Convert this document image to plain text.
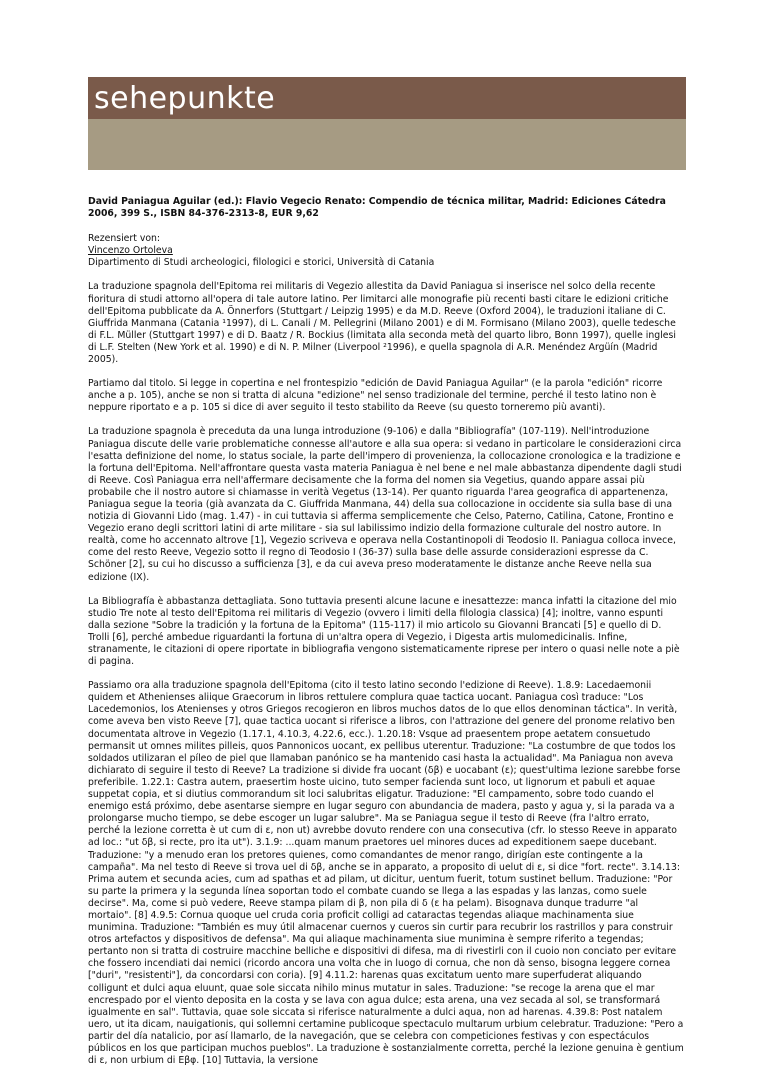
sehepunkte
David Paniagua Aguilar (ed.): Flavio Vegecio Renato: Compendio de técnica militar, Madrid: Ediciones Cátedra 2006, 399 S., ISBN 84-376-2313-8, EUR 9,62
Rezensiert von:
Vincenzo Ortoleva
Dipartimento di Studi archeologici, filologici e storici, Università di Catania

La traduzione spagnola dell'Epitoma rei militaris di Vegezio allestita da David Paniagua si inserisce nel solco della recente fioritura di studi attorno all'opera di tale autore latino. Per limitarci alle monografie più recenti basti citare le edizioni critiche dell'Epitoma pubblicate da A. Önnerfors (Stuttgart / Leipzig 1995) e da M.D. Reeve (Oxford 2004), le traduzioni italiane di C. Giuffrida Manmana (Catania ¹1997), di L. Canali / M. Pellegrini (Milano 2001) e di M. Formisano (Milano 2003), quelle tedesche di F.L. Müller (Stuttgart 1997) e di D. Baatz / R. Bockius (limitata alla seconda metà del quarto libro, Bonn 1997), quelle inglesi di L.F. Stelten (New York et al. 1990) e di N. P. Milner (Liverpool ²1996), e quella spagnola di A.R. Menéndez Argüín (Madrid 2005).

Partiamo dal titolo. Si legge in copertina e nel frontespizio "edición de David Paniagua Aguilar" (e la parola "edición" ricorre anche a p. 105), anche se non si tratta di alcuna "edizione" nel senso tradizionale del termine, perché il testo latino non è neppure riportato e a p. 105 si dice di aver seguito il testo stabilito da Reeve (su questo torneremo più avanti).

La traduzione spagnola è preceduta da una lunga introduzione (9-106) e dalla "Bibliografía" (107-119). Nell'introduzione Paniagua discute delle varie problematiche connesse all'autore e alla sua opera: si vedano in particolare le considerazioni circa l'esatta definizione del nome, lo status sociale, la parte dell'impero di provenienza, la collocazione cronologica e la tradizione e la fortuna dell'Epitoma. Nell'affrontare questa vasta materia Paniagua è nel bene e nel male abbastanza dipendente dagli studi di Reeve. Così Paniagua erra nell'affermare decisamente che la forma del nomen sia Vegetius, quando appare assai più probabile che il nostro autore si chiamasse in verità Vegetus (13-14). Per quanto riguarda l'area geografica di appartenenza, Paniagua segue la teoria (già avanzata da C. Giuffrida Manmana, 44) della sua collocazione in occidente sia sulla base di una notizia di Giovanni Lido (mag. 1.47) - in cui tuttavia si afferma semplicemente che Celso, Paterno, Catilina, Catone, Frontino e Vegezio erano degli scrittori latini di arte militare - sia sul labilissimo indizio della formazione culturale del nostro autore. In realtà, come ho accennato altrove [1], Vegezio scriveva e operava nella Costantinopoli di Teodosio II. Paniagua colloca invece, come del resto Reeve, Vegezio sotto il regno di Teodosio I (36-37) sulla base delle assurde considerazioni espresse da C. Schöner [2], su cui ho discusso a sufficienza [3], e da cui aveva preso moderatamente le distanze anche Reeve nella sua edizione (IX).

La Bibliografía è abbastanza dettagliata. Sono tuttavia presenti alcune lacune e inesattezze: manca infatti la citazione del mio studio Tre note al testo dell'Epitoma rei militaris di Vegezio (ovvero i limiti della filologia classica) [4]; inoltre, vanno espunti dalla sezione "Sobre la tradición y la fortuna de la Epitoma" (115-117) il mio articolo su Giovanni Brancati [5] e quello di D. Trolli [6], perché ambedue riguardanti la fortuna di un'altra opera di Vegezio, i Digesta artis mulomedicinalis. Infine, stranamente, le citazioni di opere riportate in bibliografia vengono sistematicamente riprese per intero o quasi nelle note a piè di pagina.

Passiamo ora alla traduzione spagnola dell'Epitoma (cito il testo latino secondo l'edizione di Reeve). 1.8.9: Lacedaemonii quidem et Athenienses aliique Graecorum in libros rettulere complura quae tactica uocant. Paniagua così traduce: "Los Lacedemonios, los Atenienses y otros Griegos recogieron en libros muchos datos de lo que ellos denominan táctica". In verità, come aveva ben visto Reeve [7], quae tactica uocant si riferisce a libros, con l'attrazione del genere del pronome relativo ben documentata altrove in Vegezio (1.17.1, 4.10.3, 4.22.6, ecc.). 1.20.18: Vsque ad praesentem prope aetatem consuetudo permansit ut omnes milites pilleis, quos Pannonicos uocant, ex pellibus uterentur. Traduzione: "La costumbre de que todos los soldados utilizaran el píleo de piel que llamaban panónico se ha mantenido casi hasta la actualidad". Ma Paniagua non aveva dichiarato di seguire il testo di Reeve? La tradizione si divide fra uocant (δβ) e uocabant (ε); quest'ultima lezione sarebbe forse preferibile. 1.22.1: Castra autem, praesertim hoste uicino, tuto semper facienda sunt loco, ut lignorum et pabuli et aquae suppetat copia, et si diutius commorandum sit loci salubritas eligatur. Traduzione: "El campamento, sobre todo cuando el enemigo está próximo, debe asentarse siempre en lugar seguro con abundancia de madera, pasto y agua y, si la parada va a prolongarse mucho tiempo, se debe escoger un lugar salubre". Ma se Paniagua segue il testo di Reeve (fra l'altro errato, perché la lezione corretta è ut cum di ε, non ut) avrebbe dovuto rendere con una consecutiva (cfr. lo stesso Reeve in apparato ad loc.: "ut δβ, si recte, pro ita ut"). 3.1.9: ...quam manum praetores uel minores duces ad expeditionem saepe ducebant. Traduzione: "y a menudo eran los pretores quienes, como comandantes de menor rango, dirigían este contingente a la campaña". Ma nel testo di Reeve si trova uel di δβ, anche se in apparato, a proposito di uelut di ε, si dice "fort. recte". 3.14.13: Prima autem et secunda acies, cum ad spathas et ad pilam, ut dicitur, uentum fuerit, totum sustinet bellum. Traduzione: "Por su parte la primera y la segunda línea soportan todo el combate cuando se llega a las espadas y las lanzas, como suele decirse". Ma, come si può vedere, Reeve stampa pilam di β, non pila di δ (ε ha pelam). Bisognava dunque tradurre "al mortaio". [8] 4.9.5: Cornua quoque uel cruda coria proficit colligi ad cataractas tegendas aliaque machinamenta siue munimina. Traduzione: "También es muy útil almacenar cuernos y cueros sin curtir para recubrir los rastrillos y para construir otros artefactos y dispositivos de defensa". Ma qui aliaque machinamenta siue munimina è sempre riferito a tegendas; pertanto non si tratta di costruire macchine belliche e dispositivi di difesa, ma di rivestirli con il cuoio non conciato per evitare che fossero incendiati dai nemici (ricordo ancora una volta che in luogo di cornua, che non dà senso, bisogna leggere cornea ["duri", "resistenti"], da concordarsi con coria). [9] 4.11.2: harenas quas excitatum uento mare superfuderat aliquando colligunt et dulci aqua eluunt, quae sole siccata nihilo minus mutatur in sales. Traduzione: "se recoge la arena que el mar encrespado por el viento deposita en la costa y se lava con agua dulce; esta arena, una vez secada al sol, se transformará igualmente en sal". Tuttavia, quae sole siccata si riferisce naturalmente a dulci aqua, non ad harenas. 4.39.8: Post natalem uero, ut ita dicam, nauigationis, qui sollemni certamine publicoque spectaculo multarum urbium celebratur. Traduzione: "Pero a partir del día natalicio, por así llamarlo, de la navegación, que se celebra con competiciones festivas y con espectáculos públicos en los que participan muchos pueblos". La traduzione è sostanzialmente corretta, perché la lezione genuina è gentium di ε, non urbium di Eβφ. [10] Tuttavia, la versione
